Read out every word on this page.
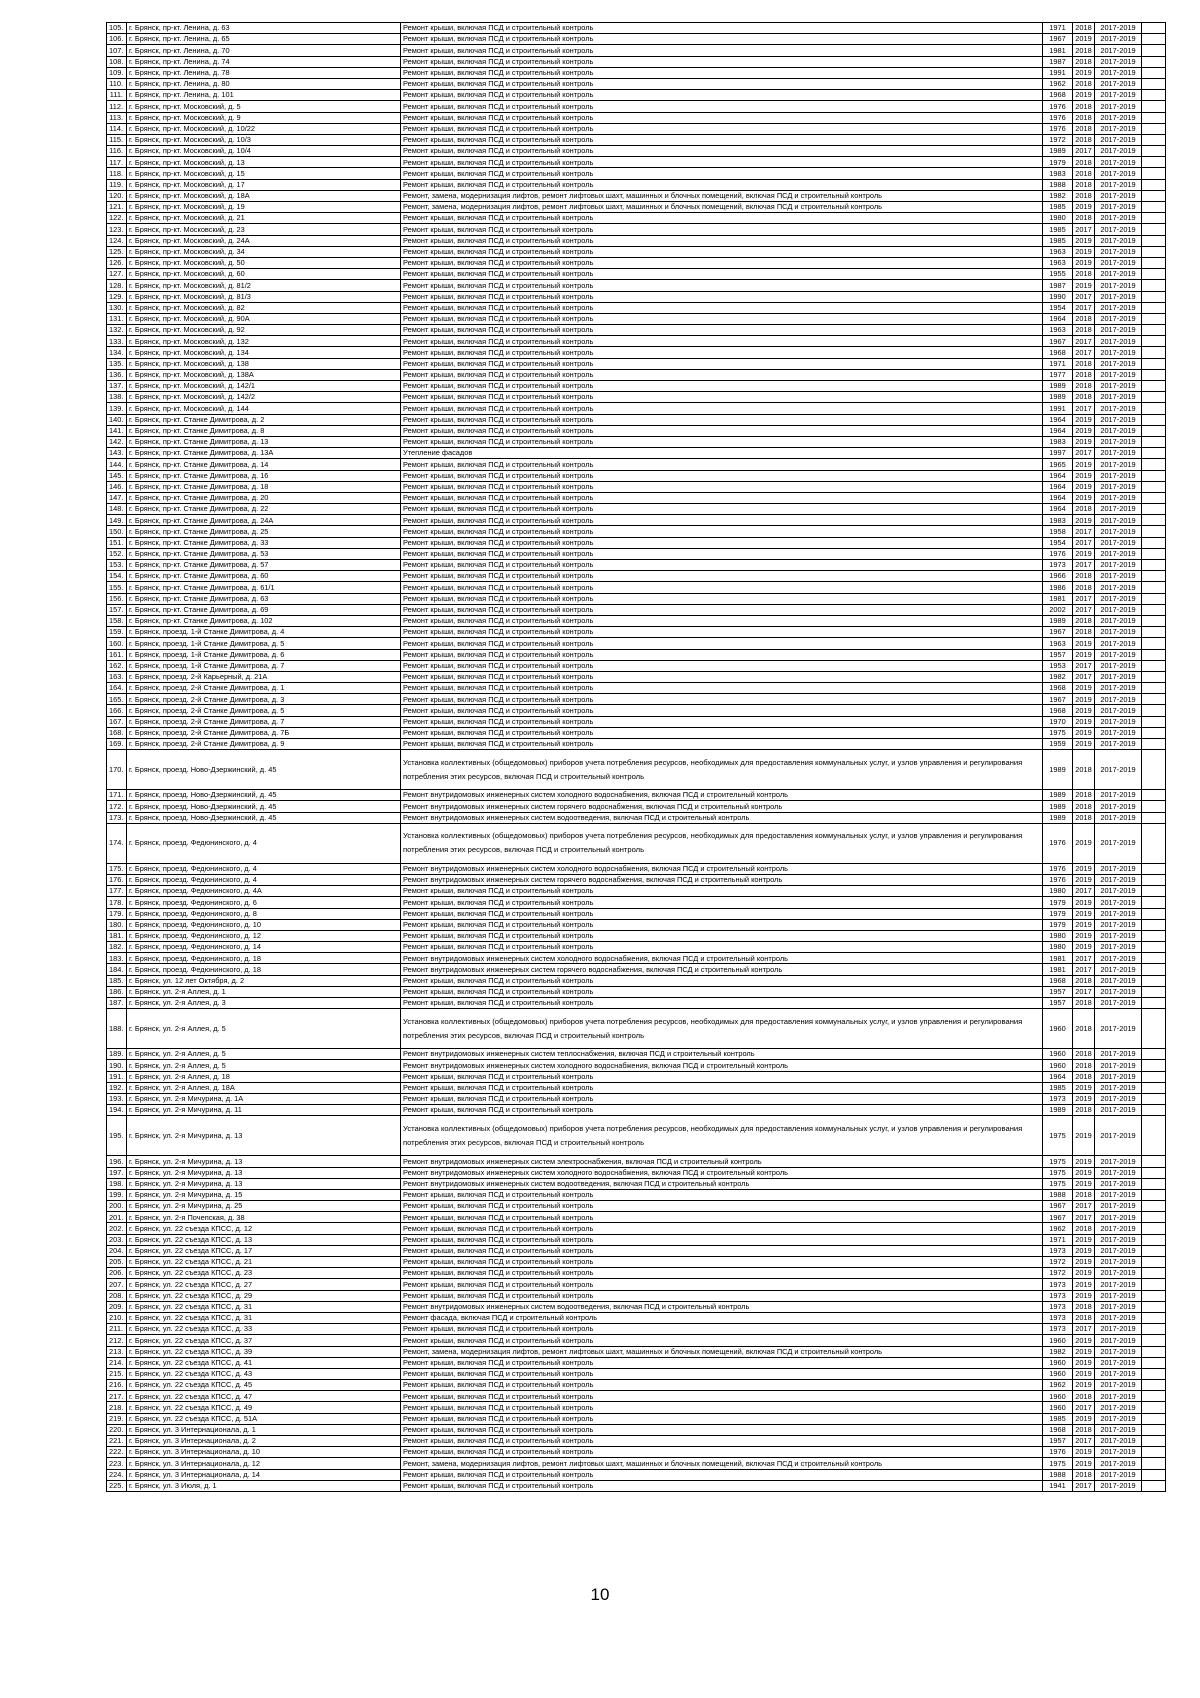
105.	г. Брянск, пр-кт. Ленина, д. 63	Ремонт крыши, включая ПСД и строительный контроль	1971	2018	2017-2019	
106.	г. Брянск, пр-кт. Ленина, д. 65	Ремонт крыши, включая ПСД и строительный контроль	1967	2019	2017-2019	
107.	г. Брянск, пр-кт. Ленина, д. 70	Ремонт крыши, включая ПСД и строительный контроль	1981	2018	2017-2019	
108.	г. Брянск, пр-кт. Ленина, д. 74	Ремонт крыши, включая ПСД и строительный контроль	1987	2018	2017-2019	
109.	г. Брянск, пр-кт. Ленина, д. 78	Ремонт крыши, включая ПСД и строительный контроль	1991	2019	2017-2019	
110.	г. Брянск, пр-кт. Ленина, д. 80	Ремонт крыши, включая ПСД и строительный контроль	1962	2018	2017-2019	
111.	г. Брянск, пр-кт. Ленина, д. 101	Ремонт крыши, включая ПСД и строительный контроль	1968	2019	2017-2019	
112.	г. Брянск, пр-кт. Московский, д. 5	Ремонт крыши, включая ПСД и строительный контроль	1976	2018	2017-2019	
113.	г. Брянск, пр-кт. Московский, д. 9	Ремонт крыши, включая ПСД и строительный контроль	1976	2018	2017-2019	
114.	г. Брянск, пр-кт. Московский, д. 10/22	Ремонт крыши, включая ПСД и строительный контроль	1976	2018	2017-2019	
115.	г. Брянск, пр-кт. Московский, д. 10/3	Ремонт крыши, включая ПСД и строительный контроль	1972	2018	2017-2019	
116.	г. Брянск, пр-кт. Московский, д. 10/4	Ремонт крыши, включая ПСД и строительный контроль	1989	2017	2017-2019	
117.	г. Брянск, пр-кт. Московский, д. 13	Ремонт крыши, включая ПСД и строительный контроль	1979	2018	2017-2019	
118.	г. Брянск, пр-кт. Московский, д. 15	Ремонт крыши, включая ПСД и строительный контроль	1983	2018	2017-2019	
119.	г. Брянск, пр-кт. Московский, д. 17	Ремонт крыши, включая ПСД и строительный контроль	1988	2018	2017-2019	
120.	г. Брянск, пр-кт. Московский, д. 18А	Ремонт, замена, модернизация лифтов, ремонт лифтовых шахт, машинных и блочных помещений, включая ПСД и строительный контроль	1982	2018	2017-2019	
121.	г. Брянск, пр-кт. Московский, д. 19	Ремонт, замена, модернизация лифтов, ремонт лифтовых шахт, машинных и блочных помещений, включая ПСД и строительный контроль	1985	2019	2017-2019	
122.	г. Брянск, пр-кт. Московский, д. 21	Ремонт крыши, включая ПСД и строительный контроль	1980	2018	2017-2019	
123.	г. Брянск, пр-кт. Московский, д. 23	Ремонт крыши, включая ПСД и строительный контроль	1985	2017	2017-2019	
124.	г. Брянск, пр-кт. Московский, д. 24А	Ремонт крыши, включая ПСД и строительный контроль	1985	2019	2017-2019	
125.	г. Брянск, пр-кт. Московский, д. 34	Ремонт крыши, включая ПСД и строительный контроль	1963	2019	2017-2019	
126.	г. Брянск, пр-кт. Московский, д. 50	Ремонт крыши, включая ПСД и строительный контроль	1963	2019	2017-2019	
127.	г. Брянск, пр-кт. Московский, д. 60	Ремонт крыши, включая ПСД и строительный контроль	1955	2018	2017-2019	
128.	г. Брянск, пр-кт. Московский, д. 81/2	Ремонт крыши, включая ПСД и строительный контроль	1987	2019	2017-2019	
129.	г. Брянск, пр-кт. Московский, д. 81/3	Ремонт крыши, включая ПСД и строительный контроль	1990	2017	2017-2019	
130.	г. Брянск, пр-кт. Московский, д. 82	Ремонт крыши, включая ПСД и строительный контроль	1954	2017	2017-2019	
131.	г. Брянск, пр-кт. Московский, д. 90А	Ремонт крыши, включая ПСД и строительный контроль	1964	2018	2017-2019	
132.	г. Брянск, пр-кт. Московский, д. 92	Ремонт крыши, включая ПСД и строительный контроль	1963	2018	2017-2019	
133.	г. Брянск, пр-кт. Московский, д. 132	Ремонт крыши, включая ПСД и строительный контроль	1967	2017	2017-2019	
134.	г. Брянск, пр-кт. Московский, д. 134	Ремонт крыши, включая ПСД и строительный контроль	1968	2017	2017-2019	
135.	г. Брянск, пр-кт. Московский, д. 138	Ремонт крыши, включая ПСД и строительный контроль	1971	2018	2017-2019	
136.	г. Брянск, пр-кт. Московский, д. 138А	Ремонт крыши, включая ПСД и строительный контроль	1977	2018	2017-2019	
137.	г. Брянск, пр-кт. Московский, д. 142/1	Ремонт крыши, включая ПСД и строительный контроль	1989	2018	2017-2019	
138.	г. Брянск, пр-кт. Московский, д. 142/2	Ремонт крыши, включая ПСД и строительный контроль	1989	2018	2017-2019	
139.	г. Брянск, пр-кт. Московский, д. 144	Ремонт крыши, включая ПСД и строительный контроль	1991	2017	2017-2019	
140.	г. Брянск, пр-кт. Станке Димитрова, д. 2	Ремонт крыши, включая ПСД и строительный контроль	1964	2019	2017-2019	
141.	г. Брянск, пр-кт. Станке Димитрова, д. 8	Ремонт крыши, включая ПСД и строительный контроль	1964	2019	2017-2019	
142.	г. Брянск, пр-кт. Станке Димитрова, д. 13	Ремонт крыши, включая ПСД и строительный контроль	1983	2019	2017-2019	
143.	г. Брянск, пр-кт. Станке Димитрова, д. 13А	Утепление фасадов	1997	2017	2017-2019	
144.	г. Брянск, пр-кт. Станке Димитрова, д. 14	Ремонт крыши, включая ПСД и строительный контроль	1965	2019	2017-2019	
145.	г. Брянск, пр-кт. Станке Димитрова, д. 16	Ремонт крыши, включая ПСД и строительный контроль	1964	2019	2017-2019	
146.	г. Брянск, пр-кт. Станке Димитрова, д. 18	Ремонт крыши, включая ПСД и строительный контроль	1964	2019	2017-2019	
147.	г. Брянск, пр-кт. Станке Димитрова, д. 20	Ремонт крыши, включая ПСД и строительный контроль	1964	2019	2017-2019	
148.	г. Брянск, пр-кт. Станке Димитрова, д. 22	Ремонт крыши, включая ПСД и строительный контроль	1964	2018	2017-2019	
149.	г. Брянск, пр-кт. Станке Димитрова, д. 24А	Ремонт крыши, включая ПСД и строительный контроль	1983	2019	2017-2019	
150.	г. Брянск, пр-кт. Станке Димитрова, д. 25	Ремонт крыши, включая ПСД и строительный контроль	1958	2017	2017-2019	
151.	г. Брянск, пр-кт. Станке Димитрова, д. 33	Ремонт крыши, включая ПСД и строительный контроль	1954	2017	2017-2019	
152.	г. Брянск, пр-кт. Станке Димитрова, д. 53	Ремонт крыши, включая ПСД и строительный контроль	1976	2019	2017-2019	
153.	г. Брянск, пр-кт. Станке Димитрова, д. 57	Ремонт крыши, включая ПСД и строительный контроль	1973	2017	2017-2019	
154.	г. Брянск, пр-кт. Станке Димитрова, д. 60	Ремонт крыши, включая ПСД и строительный контроль	1966	2018	2017-2019	
155.	г. Брянск, пр-кт. Станке Димитрова, д. 61/1	Ремонт крыши, включая ПСД и строительный контроль	1986	2018	2017-2019	
156.	г. Брянск, пр-кт. Станке Димитрова, д. 63	Ремонт крыши, включая ПСД и строительный контроль	1981	2017	2017-2019	
157.	г. Брянск, пр-кт. Станке Димитрова, д. 69	Ремонт крыши, включая ПСД и строительный контроль	2002	2017	2017-2019	
158.	г. Брянск, пр-кт. Станке Димитрова, д. 102	Ремонт крыши, включая ПСД и строительный контроль	1989	2018	2017-2019	
159.	г. Брянск, проезд. 1-й Станке Димитрова, д. 4	Ремонт крыши, включая ПСД и строительный контроль	1967	2018	2017-2019	
160.	г. Брянск, проезд. 1-й Станке Димитрова, д. 5	Ремонт крыши, включая ПСД и строительный контроль	1963	2019	2017-2019	
161.	г. Брянск, проезд. 1-й Станке Димитрова, д. 6	Ремонт крыши, включая ПСД и строительный контроль	1957	2019	2017-2019	
162.	г. Брянск, проезд. 1-й Станке Димитрова, д. 7	Ремонт крыши, включая ПСД и строительный контроль	1953	2017	2017-2019	
163.	г. Брянск, проезд. 2-й Карьерный, д. 21А	Ремонт крыши, включая ПСД и строительный контроль	1982	2017	2017-2019	
164.	г. Брянск, проезд. 2-й Станке Димитрова, д. 1	Ремонт крыши, включая ПСД и строительный контроль	1968	2019	2017-2019	
165.	г. Брянск, проезд. 2-й Станке Димитрова, д. 3	Ремонт крыши, включая ПСД и строительный контроль	1967	2019	2017-2019	
166.	г. Брянск, проезд. 2-й Станке Димитрова, д. 5	Ремонт крыши, включая ПСД и строительный контроль	1968	2019	2017-2019	
167.	г. Брянск, проезд. 2-й Станке Димитрова, д. 7	Ремонт крыши, включая ПСД и строительный контроль	1970	2019	2017-2019	
168.	г. Брянск, проезд. 2-й Станке Димитрова, д. 7Б	Ремонт крыши, включая ПСД и строительный контроль	1975	2019	2017-2019	
169.	г. Брянск, проезд. 2-й Станке Димитрова, д. 9	Ремонт крыши, включая ПСД и строительный контроль	1959	2019	2017-2019	
170.	г. Брянск, проезд. Ново-Дзержинский, д. 45	Установка коллективных (общедомовых) приборов учета потребления ресурсов, необходимых для предоставления коммунальных услуг, и узлов управления и регулирования потребления этих ресурсов, включая ПСД и строительный контроль	1989	2018	2017-2019	
171.	г. Брянск, проезд. Ново-Дзержинский, д. 45	Ремонт внутридомовых инженерных систем холодного водоснабжения, включая ПСД и строительный контроль	1989	2018	2017-2019	
172.	г. Брянск, проезд. Ново-Дзержинский, д. 45	Ремонт внутридомовых инженерных систем горячего водоснабжения, включая ПСД и строительный контроль	1989	2018	2017-2019	
173.	г. Брянск, проезд. Ново-Дзержинский, д. 45	Ремонт внутридомовых инженерных систем водоотведения, включая ПСД и строительный контроль	1989	2018	2017-2019	
174.	г. Брянск, проезд. Федюнинского, д. 4	Установка коллективных (общедомовых) приборов учета потребления ресурсов, необходимых для предоставления коммунальных услуг, и узлов управления и регулирования потребления этих ресурсов, включая ПСД и строительный контроль	1976	2019	2017-2019	
175.	г. Брянск, проезд. Федюнинского, д. 4	Ремонт внутридомовых инженерных систем холодного водоснабжения, включая ПСД и строительный контроль	1976	2019	2017-2019	
176.	г. Брянск, проезд. Федюнинского, д. 4	Ремонт внутридомовых инженерных систем горячего водоснабжения, включая ПСД и строительный контроль	1976	2019	2017-2019	
177.	г. Брянск, проезд. Федюнинского, д. 4А	Ремонт крыши, включая ПСД и строительный контроль	1980	2017	2017-2019	
178.	г. Брянск, проезд. Федюнинского, д. 6	Ремонт крыши, включая ПСД и строительный контроль	1979	2019	2017-2019	
179.	г. Брянск, проезд. Федюнинского, д. 8	Ремонт крыши, включая ПСД и строительный контроль	1979	2019	2017-2019	
180.	г. Брянск, проезд. Федюнинского, д. 10	Ремонт крыши, включая ПСД и строительный контроль	1979	2019	2017-2019	
181.	г. Брянск, проезд. Федюнинского, д. 12	Ремонт крыши, включая ПСД и строительный контроль	1980	2019	2017-2019	
182.	г. Брянск, проезд. Федюнинского, д. 14	Ремонт крыши, включая ПСД и строительный контроль	1980	2019	2017-2019	
183.	г. Брянск, проезд. Федюнинского, д. 18	Ремонт внутридомовых инженерных систем холодного водоснабжения, включая ПСД и строительный контроль	1981	2017	2017-2019	
184.	г. Брянск, проезд. Федюнинского, д. 18	Ремонт внутридомовых инженерных систем горячего водоснабжения, включая ПСД и строительный контроль	1981	2017	2017-2019	
185.	г. Брянск, ул. 12 лет Октября, д. 2	Ремонт крыши, включая ПСД и строительный контроль	1968	2018	2017-2019	
186.	г. Брянск, ул. 2-я Аллея, д. 1	Ремонт крыши, включая ПСД и строительный контроль	1957	2017	2017-2019	
187.	г. Брянск, ул. 2-я Аллея, д. 3	Ремонт крыши, включая ПСД и строительный контроль	1957	2018	2017-2019	
188.	г. Брянск, ул. 2-я Аллея, д. 5	Установка коллективных (общедомовых) приборов учета потребления ресурсов, необходимых для предоставления коммунальных услуг, и узлов управления и регулирования потребления этих ресурсов, включая ПСД и строительный контроль	1960	2018	2017-2019	
189.	г. Брянск, ул. 2-я Аллея, д. 5	Ремонт внутридомовых инженерных систем теплоснабжения, включая ПСД и строительный контроль	1960	2018	2017-2019	
190.	г. Брянск, ул. 2-я Аллея, д. 5	Ремонт внутридомовых инженерных систем холодного водоснабжения, включая ПСД и строительный контроль	1960	2018	2017-2019	
191.	г. Брянск, ул. 2-я Аллея, д. 18	Ремонт крыши, включая ПСД и строительный контроль	1964	2018	2017-2019	
192.	г. Брянск, ул. 2-я Аллея, д. 18А	Ремонт крыши, включая ПСД и строительный контроль	1985	2019	2017-2019	
193.	г. Брянск, ул. 2-я Мичурина, д. 1А	Ремонт крыши, включая ПСД и строительный контроль	1973	2019	2017-2019	
194.	г. Брянск, ул. 2-я Мичурина, д. 11	Ремонт крыши, включая ПСД и строительный контроль	1989	2018	2017-2019	
195.	г. Брянск, ул. 2-я Мичурина, д. 13	Установка коллективных (общедомовых) приборов учета потребления ресурсов, необходимых для предоставления коммунальных услуг, и узлов управления и регулирования потребления этих ресурсов, включая ПСД и строительный контроль	1975	2019	2017-2019	
196.	г. Брянск, ул. 2-я Мичурина, д. 13	Ремонт внутридомовых инженерных систем электроснабжения, включая ПСД и строительный контроль	1975	2019	2017-2019	
197.	г. Брянск, ул. 2-я Мичурина, д. 13	Ремонт внутридомовых инженерных систем холодного водоснабжения, включая ПСД и строительный контроль	1975	2019	2017-2019	
198.	г. Брянск, ул. 2-я Мичурина, д. 13	Ремонт внутридомовых инженерных систем водоотведения, включая ПСД и строительный контроль	1975	2019	2017-2019	
199.	г. Брянск, ул. 2-я Мичурина, д. 15	Ремонт крыши, включая ПСД и строительный контроль	1988	2018	2017-2019	
200.	г. Брянск, ул. 2-я Мичурина, д. 25	Ремонт крыши, включая ПСД и строительный контроль	1967	2017	2017-2019	
201.	г. Брянск, ул. 2-я Почепская, д. 38	Ремонт крыши, включая ПСД и строительный контроль	1967	2017	2017-2019	
202.	г. Брянск, ул. 22 съезда КПСС, д. 12	Ремонт крыши, включая ПСД и строительный контроль	1962	2018	2017-2019	
203.	г. Брянск, ул. 22 съезда КПСС, д. 13	Ремонт крыши, включая ПСД и строительный контроль	1971	2019	2017-2019	
204.	г. Брянск, ул. 22 съезда КПСС, д. 17	Ремонт крыши, включая ПСД и строительный контроль	1973	2019	2017-2019	
205.	г. Брянск, ул. 22 съезда КПСС, д. 21	Ремонт крыши, включая ПСД и строительный контроль	1972	2019	2017-2019	
206.	г. Брянск, ул. 22 съезда КПСС, д. 23	Ремонт крыши, включая ПСД и строительный контроль	1972	2019	2017-2019	
207.	г. Брянск, ул. 22 съезда КПСС, д. 27	Ремонт крыши, включая ПСД и строительный контроль	1973	2019	2017-2019	
208.	г. Брянск, ул. 22 съезда КПСС, д. 29	Ремонт крыши, включая ПСД и строительный контроль	1973	2019	2017-2019	
209.	г. Брянск, ул. 22 съезда КПСС, д. 31	Ремонт внутридомовых инженерных систем водоотведения, включая ПСД и строительный контроль	1973	2018	2017-2019	
210.	г. Брянск, ул. 22 съезда КПСС, д. 31	Ремонт фасада, включая ПСД и строительный контроль	1973	2018	2017-2019	
211.	г. Брянск, ул. 22 съезда КПСС, д. 33	Ремонт крыши, включая ПСД и строительный контроль	1973	2017	2017-2019	
212.	г. Брянск, ул. 22 съезда КПСС, д. 37	Ремонт крыши, включая ПСД и строительный контроль	1960	2019	2017-2019	
213.	г. Брянск, ул. 22 съезда КПСС, д. 39	Ремонт, замена, модернизация лифтов, ремонт лифтовых шахт, машинных и блочных помещений, включая ПСД и строительный контроль	1982	2019	2017-2019	
214.	г. Брянск, ул. 22 съезда КПСС, д. 41	Ремонт крыши, включая ПСД и строительный контроль	1960	2019	2017-2019	
215.	г. Брянск, ул. 22 съезда КПСС, д. 43	Ремонт крыши, включая ПСД и строительный контроль	1960	2019	2017-2019	
216.	г. Брянск, ул. 22 съезда КПСС, д. 45	Ремонт крыши, включая ПСД и строительный контроль	1962	2019	2017-2019	
217.	г. Брянск, ул. 22 съезда КПСС, д. 47	Ремонт крыши, включая ПСД и строительный контроль	1960	2018	2017-2019	
218.	г. Брянск, ул. 22 съезда КПСС, д. 49	Ремонт крыши, включая ПСД и строительный контроль	1960	2017	2017-2019	
219.	г. Брянск, ул. 22 съезда КПСС, д. 51А	Ремонт крыши, включая ПСД и строительный контроль	1985	2019	2017-2019	
220.	г. Брянск, ул. 3 Интернационала, д. 1	Ремонт крыши, включая ПСД и строительный контроль	1968	2018	2017-2019	
221.	г. Брянск, ул. 3 Интернационала, д. 2	Ремонт крыши, включая ПСД и строительный контроль	1957	2017	2017-2019	
222.	г. Брянск, ул. 3 Интернационала, д. 10	Ремонт крыши, включая ПСД и строительный контроль	1976	2019	2017-2019	
223.	г. Брянск, ул. 3 Интернационала, д. 12	Ремонт, замена, модернизация лифтов, ремонт лифтовых шахт, машинных и блочных помещений, включая ПСД и строительный контроль	1975	2019	2017-2019	
224.	г. Брянск, ул. 3 Интернационала, д. 14	Ремонт крыши, включая ПСД и строительный контроль	1988	2018	2017-2019	
225.	г. Брянск, ул. 3 Июля, д. 1	Ремонт крыши, включая ПСД и строительный контроль	1941	2017	2017-2019	
10
